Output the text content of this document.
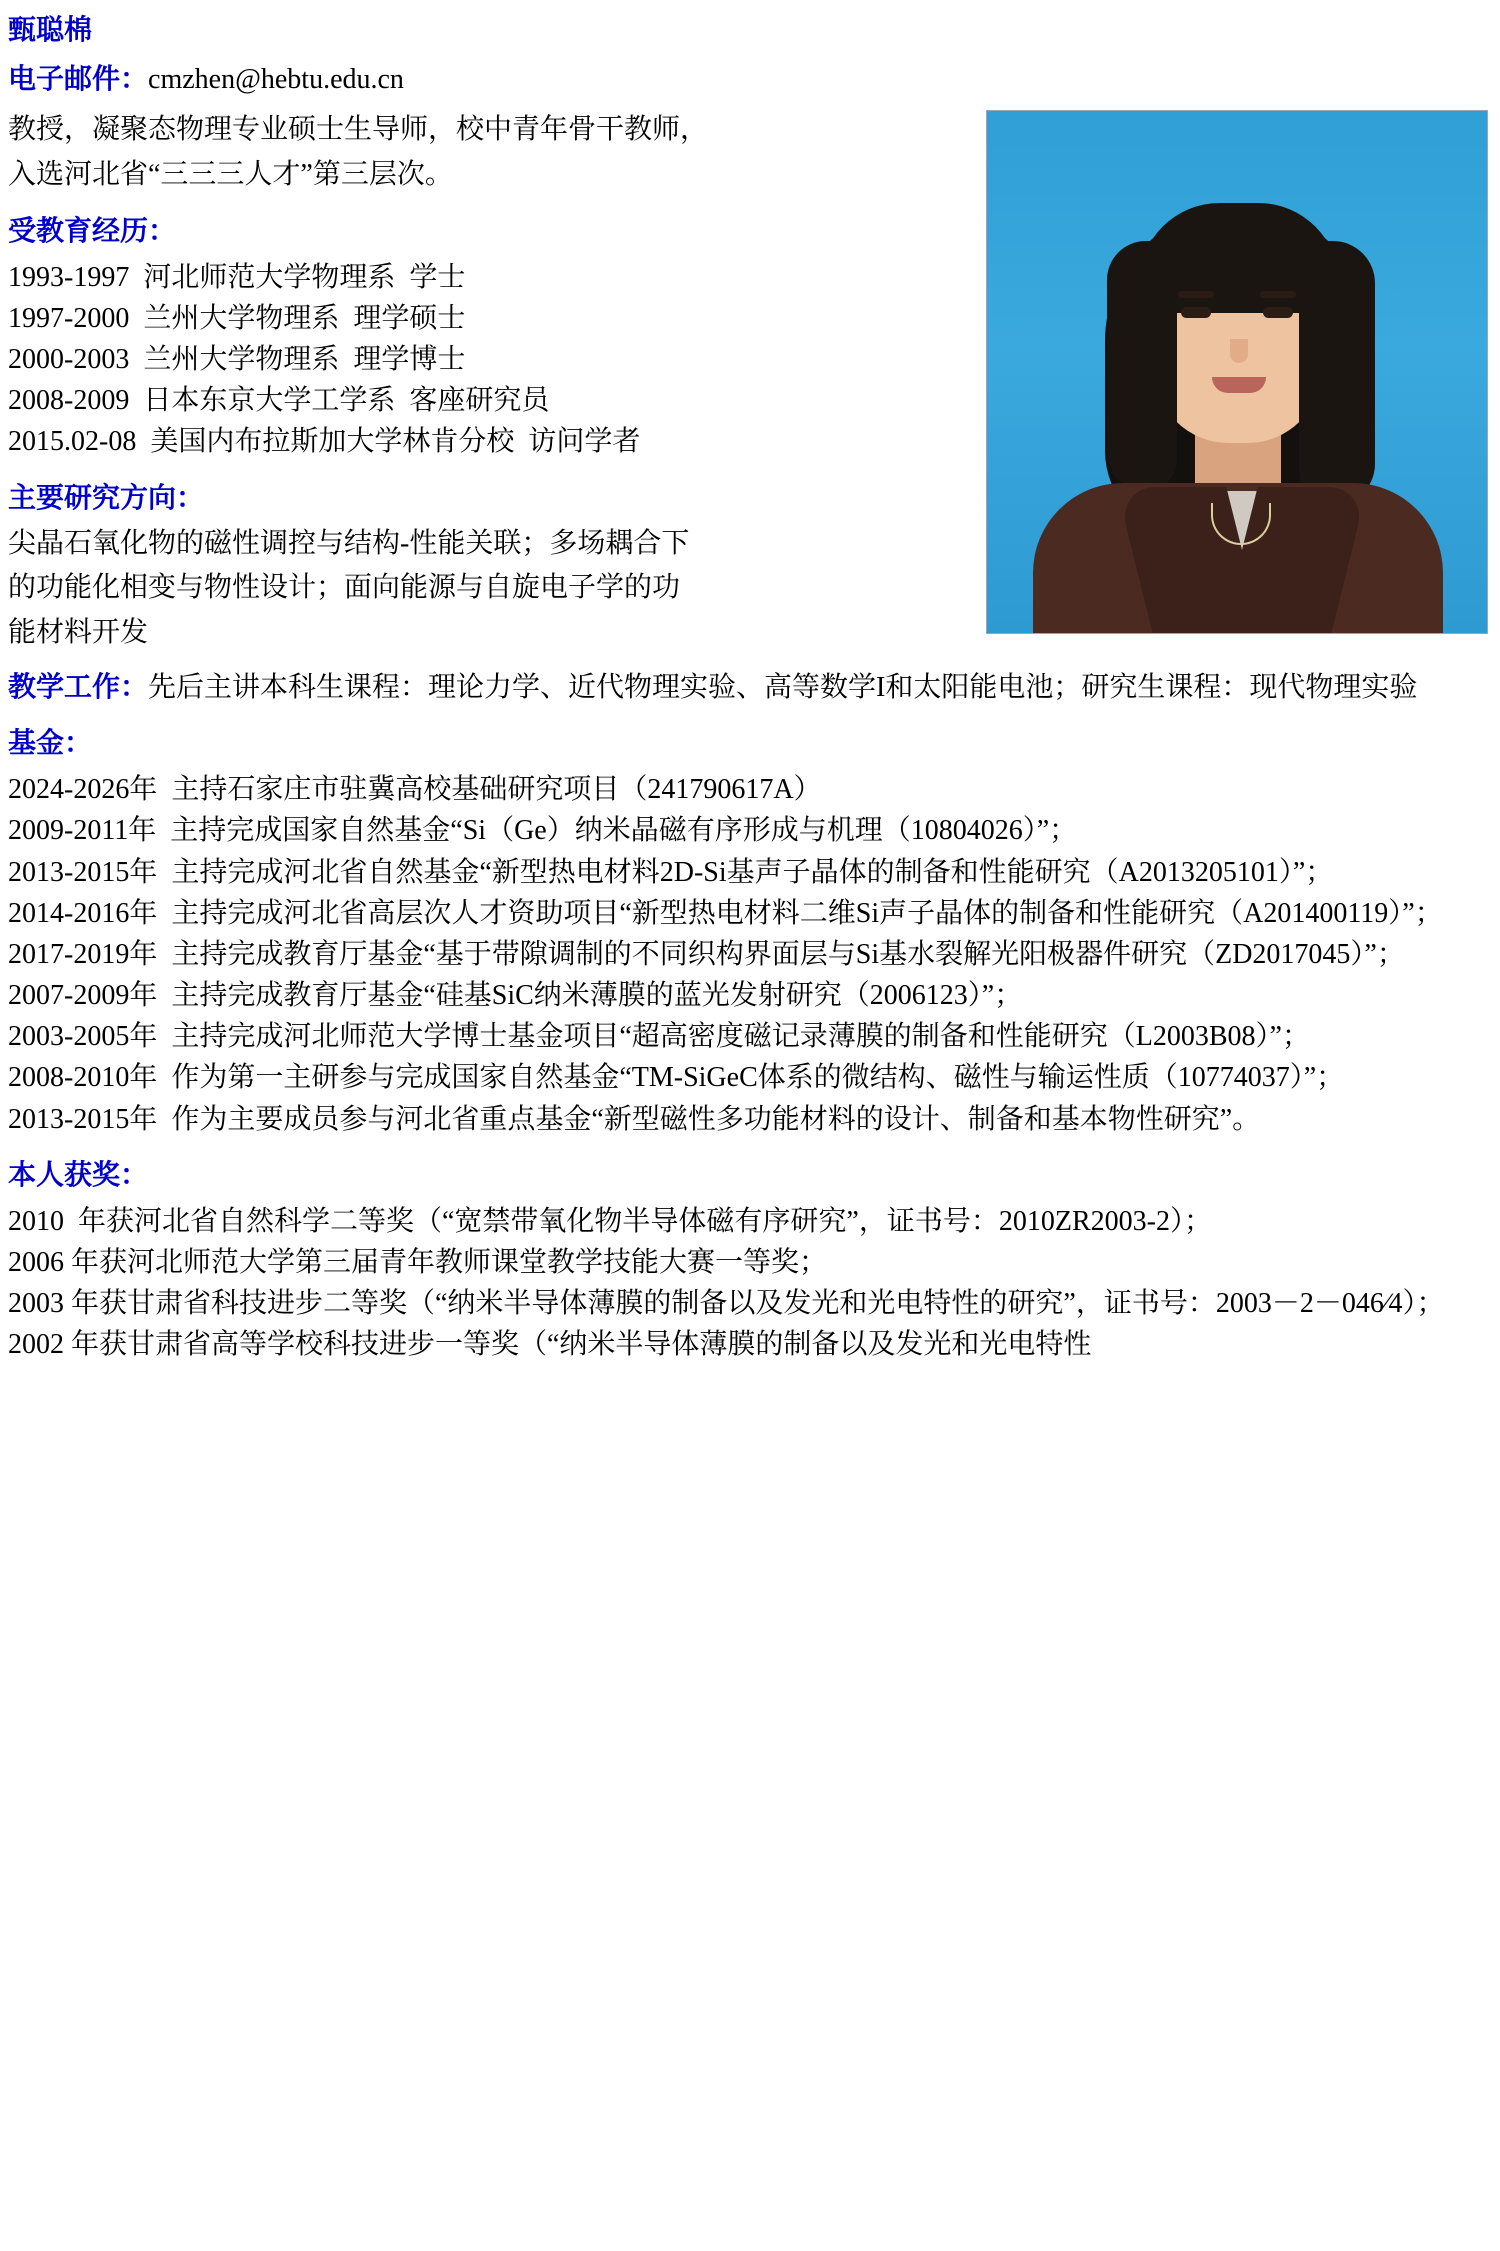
甄聪棉
电子邮件：cmzhen@hebtu.edu.cn
教授，凝聚态物理专业硕士生导师，校中青年骨干教师，
入选河北省“三三三人才”第三层次。
受教育经历：
1993-1997  河北师范大学物理系  学士
1997-2000  兰州大学物理系  理学硕士
2000-2003  兰州大学物理系  理学博士
2008-2009  日本东京大学工学系  客座研究员
2015.02-08  美国内布拉斯加大学林肯分校  访问学者
主要研究方向：
尖晶石氧化物的磁性调控与结构-性能关联；多场耦合下
的功能化相变与物性设计；面向能源与自旋电子学的功
能材料开发
教学工作：先后主讲本科生课程：理论力学、近代物理实验、高等数学I和太阳能电池；研究生课程：现代物理实验
基金：
2024-2026年  主持石家庄市驻冀高校基础研究项目（241790617A）
2009-2011年  主持完成国家自然基金“Si（Ge）纳米晶磁有序形成与机理（10804026）”；
2013-2015年  主持完成河北省自然基金“新型热电材料2D-Si基声子晶体的制备和性能研究（A2013205101）”；
2014-2016年  主持完成河北省高层次人才资助项目“新型热电材料二维Si声子晶体的制备和性能研究（A201400119）”；
2017-2019年  主持完成教育厅基金“基于带隙调制的不同织构界面层与Si基水裂解光阳极器件研究（ZD2017045）”；
2007-2009年  主持完成教育厅基金“硅基SiC纳米薄膜的蓝光发射研究（2006123）”；
2003-2005年  主持完成河北师范大学博士基金项目“超高密度磁记录薄膜的制备和性能研究（L2003B08）”；
2008-2010年  作为第一主研参与完成国家自然基金“TM-SiGeC体系的微结构、磁性与输运性质（10774037）”；
2013-2015年  作为主要成员参与河北省重点基金“新型磁性多功能材料的设计、制备和基本物性研究”。
本人获奖：
2010  年获河北省自然科学二等奖（“宽禁带氧化物半导体磁有序研究”，证书号：2010ZR2003-2）；
2006 年获河北师范大学第三届青年教师课堂教学技能大赛一等奖；
2003 年获甘肃省科技进步二等奖（“纳米半导体薄膜的制备以及发光和光电特性的研究”，证书号：2003－2－046∕4）；
2002 年获甘肃省高等学校科技进步一等奖（“纳米半导体薄膜的制备以及发光和光电特性
